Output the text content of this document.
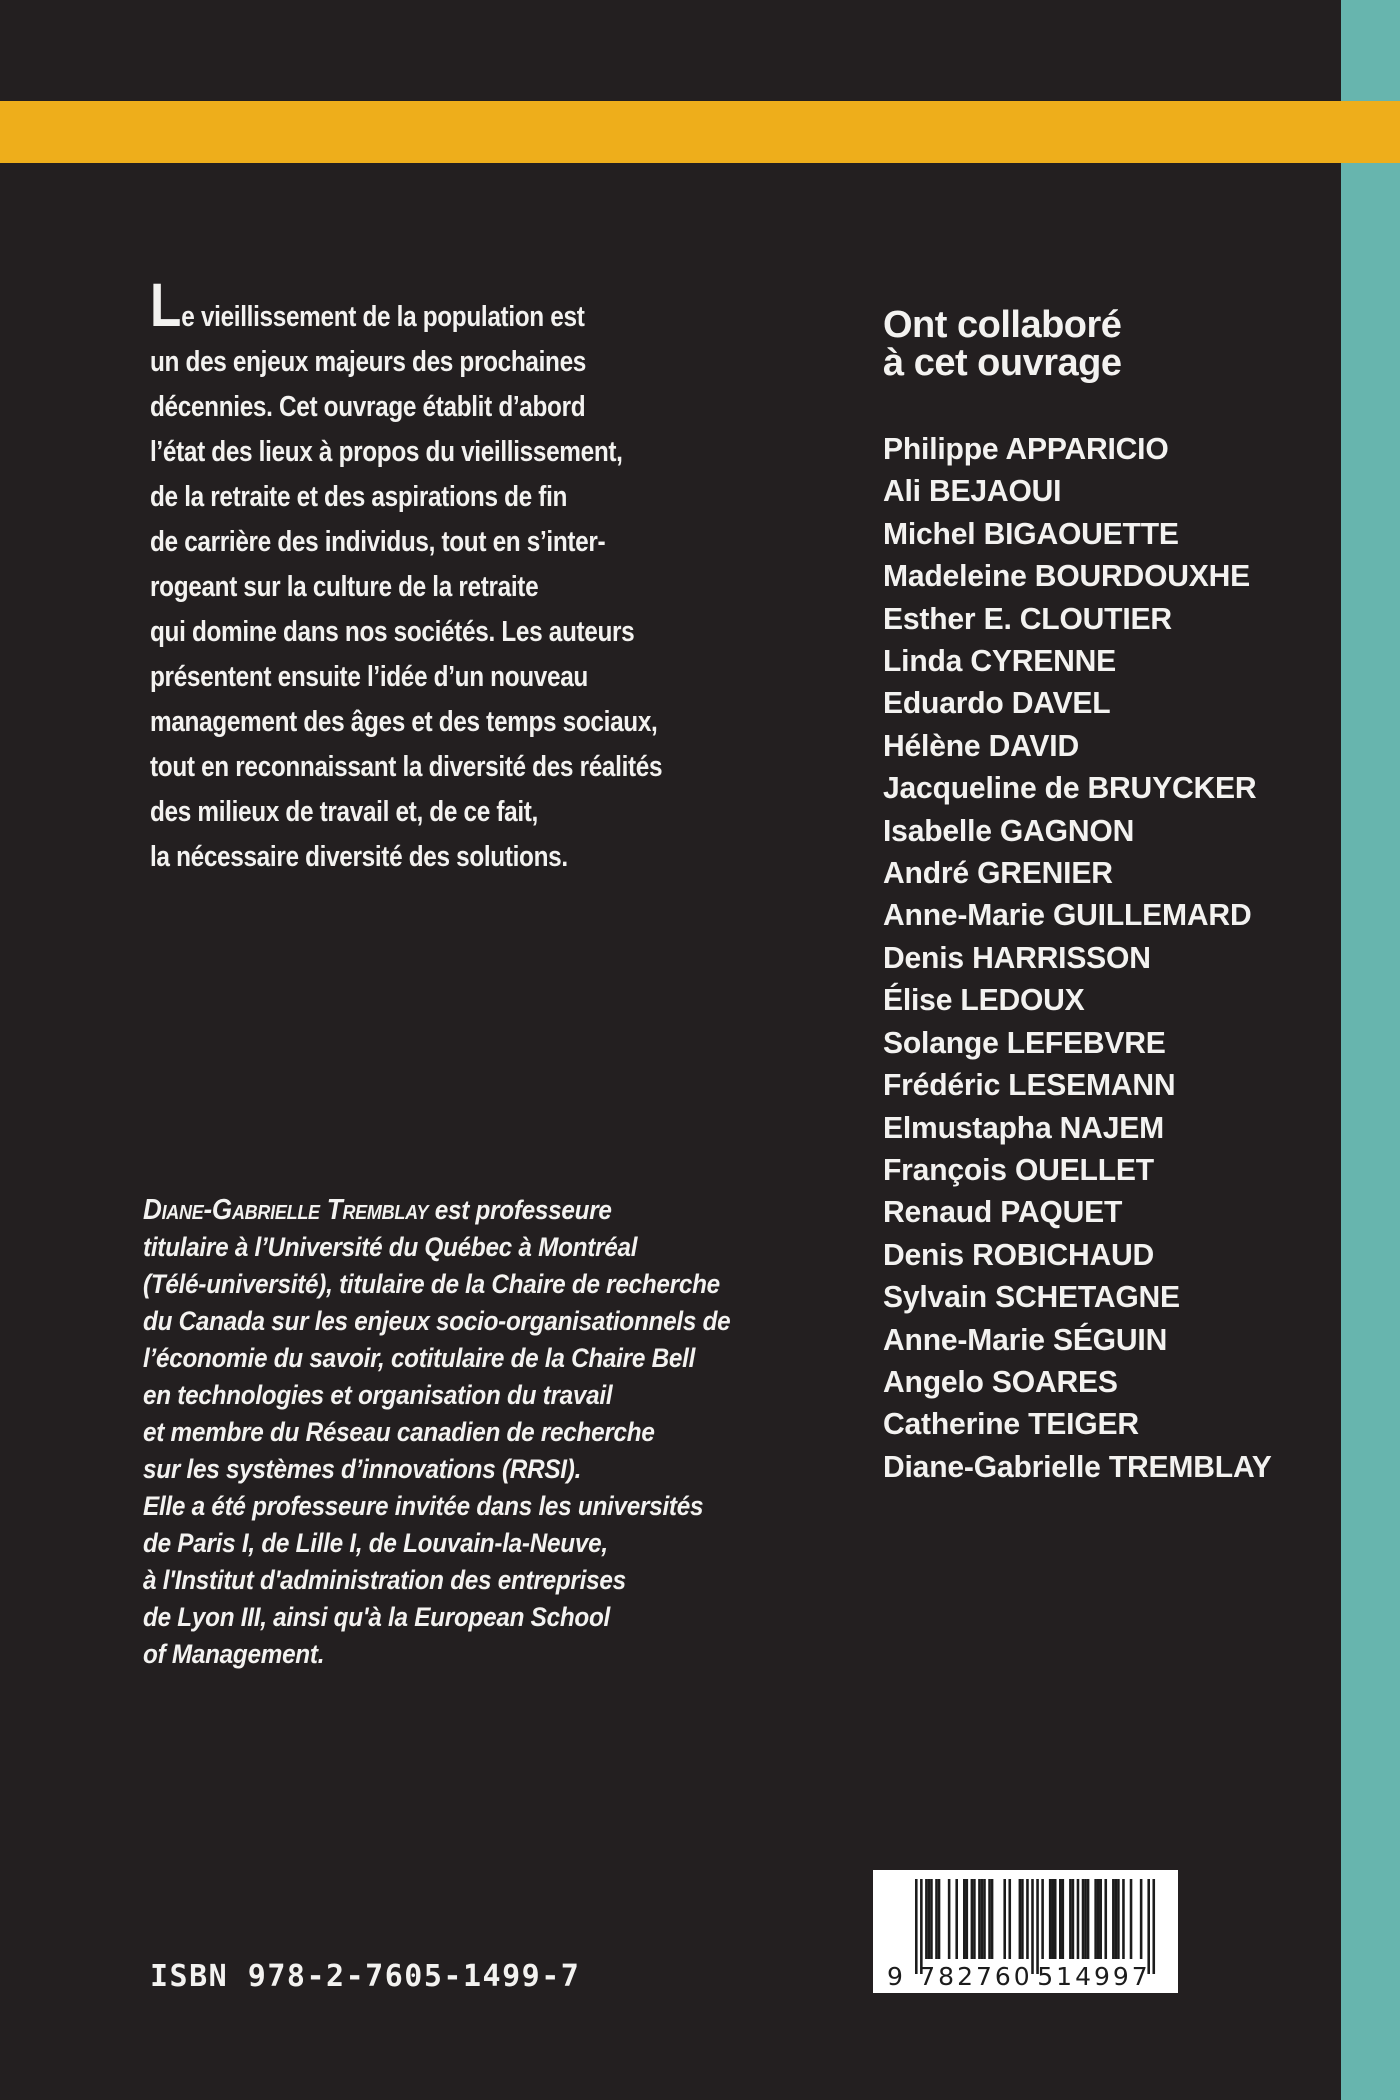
Le vieillissement de la population est
un des enjeux majeurs des prochaines
décennies. Cet ouvrage établit d’abord
l’état des lieux à propos du vieillissement,
de la retraite et des aspirations de fin
de carrière des individus, tout en s’inter-
rogeant sur la culture de la retraite
qui domine dans nos sociétés. Les auteurs
présentent ensuite l’idée d’un nouveau
management des âges et des temps sociaux,
tout en reconnaissant la diversité des réalités
des milieux de travail et, de ce fait,
la nécessaire diversité des solutions.
Ont collaboré
à cet ouvrage
Philippe APPARICIO
Ali BEJAOUI
Michel BIGAOUETTE
Madeleine BOURDOUXHE
Esther E. CLOUTIER
Linda CYRENNE
Eduardo DAVEL
Hélène DAVID
Jacqueline de BRUYCKER
Isabelle GAGNON
André GRENIER
Anne-Marie GUILLEMARD
Denis HARRISSON
Élise LEDOUX
Solange LEFEBVRE
Frédéric LESEMANN
Elmustapha NAJEM
François OUELLET
Renaud PAQUET
Denis ROBICHAUD
Sylvain SCHETAGNE
Anne-Marie SÉGUIN
Angelo SOARES
Catherine TEIGER
Diane-Gabrielle TREMBLAY
Diane-Gabrielle Tremblay est professeure
titulaire à l’Université du Québec à Montréal
(Télé-université), titulaire de la Chaire de recherche
du Canada sur les enjeux socio-organisationnels de
l’économie du savoir, cotitulaire de la Chaire Bell
en technologies et organisation du travail
et membre du Réseau canadien de recherche
sur les systèmes d’innovations (RRSI).
Elle a été professeure invitée dans les universités
de Paris I, de Lille I, de Louvain-la-Neuve,
à l'Institut d'administration des entreprises
de Lyon III, ainsi qu'à la European School
of Management.
ISBN 978-2-7605-1499-7	9 782760 514997
